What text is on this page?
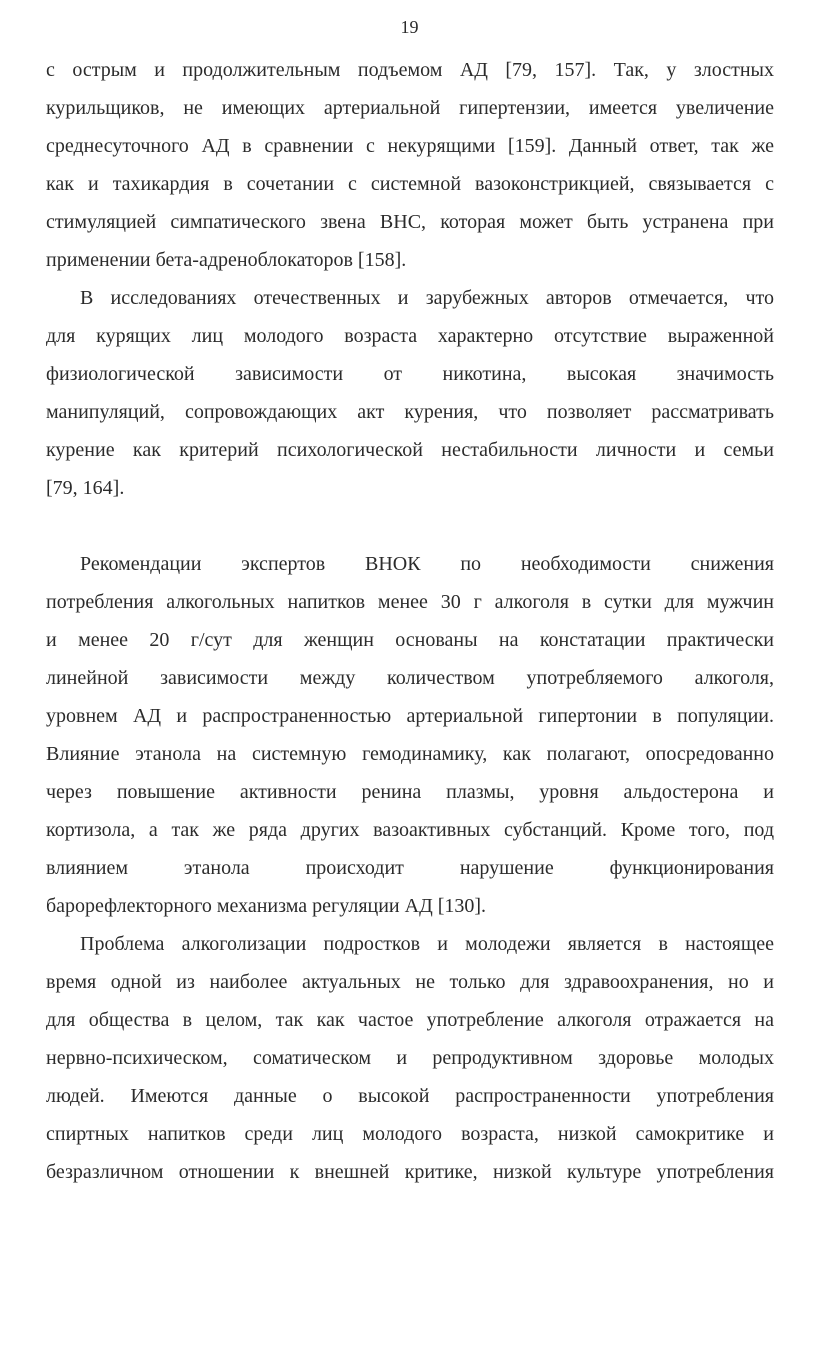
19
с острым и продолжительным подъемом АД [79, 157]. Так, у злостных
курильщиков, не имеющих артериальной гипертензии, имеется увеличение
среднесуточного АД в сравнении с некурящими [159]. Данный ответ, так же
как и тахикардия в сочетании с системной вазоконстрикцией, связывается с
стимуляцией симпатического звена ВНС, которая может быть устранена при
применении бета-адреноблокаторов [158].
В исследованиях отечественных и зарубежных авторов отмечается, что
для курящих лиц молодого возраста характерно отсутствие выраженной
физиологической зависимости от никотина, высокая значимость
манипуляций, сопровождающих акт курения, что позволяет рассматривать
курение как критерий психологической нестабильности личности и семьи
[79, 164].
Рекомендации экспертов ВНОК по необходимости снижения
потребления алкогольных напитков менее 30 г алкоголя в сутки для мужчин
и менее 20 г/сут для женщин основаны на констатации практически
линейной зависимости между количеством употребляемого алкоголя,
уровнем АД и распространенностью артериальной гипертонии в популяции.
Влияние этанола на системную гемодинамику, как полагают, опосредованно
через повышение активности ренина плазмы, уровня альдостерона и
кортизола, а так же ряда других вазоактивных субстанций. Кроме того, под
влиянием этанола происходит нарушение функционирования
барорефлекторного механизма регуляции АД [130].
Проблема алкоголизации подростков и молодежи является в настоящее
время одной из наиболее актуальных не только для здравоохранения, но и
для общества в целом, так как частое употребление алкоголя отражается на
нервно-психическом, соматическом и репродуктивном здоровье молодых
людей. Имеются данные о высокой распространенности употребления
спиртных напитков среди лиц молодого возраста, низкой самокритике и
безразличном отношении к внешней критике, низкой культуре употребления
